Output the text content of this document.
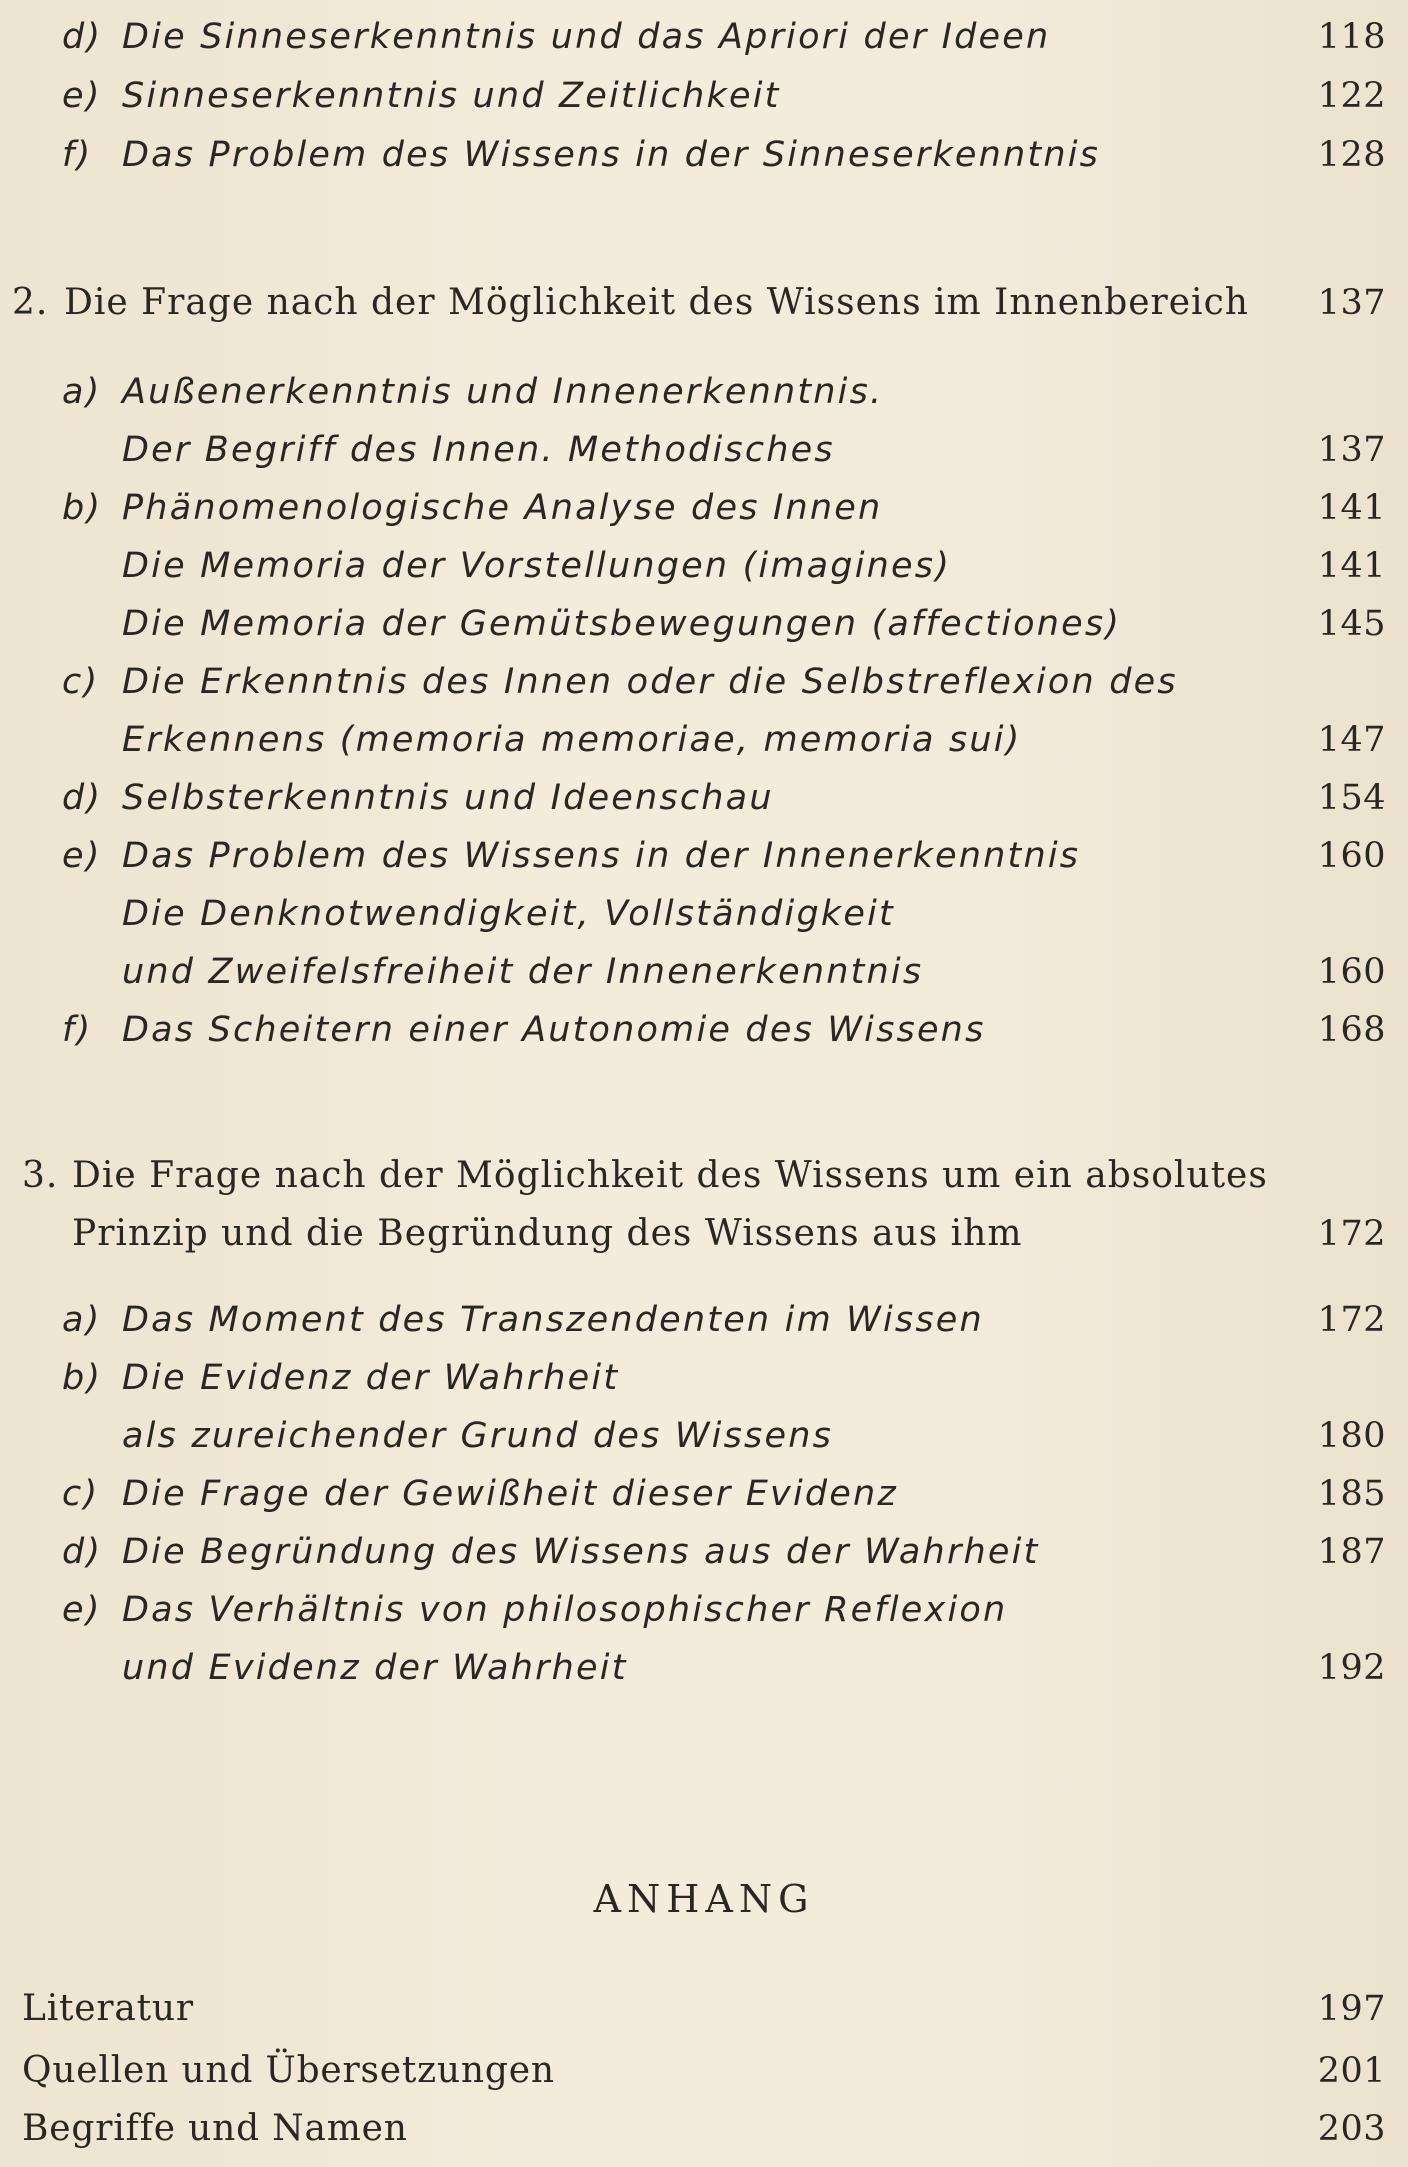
d) Die Sinneserkenntnis und das Apriori der Ideen	118
e) Sinneserkenntnis und Zeitlichkeit	122
f) Das Problem des Wissens in der Sinneserkenntnis	128
2. Die Frage nach der Möglichkeit des Wissens im Innenbereich 137
a) Außenerkenntnis und Innenerkenntnis.
Der Begriff des Innen. Methodisches	137
b) Phänomenologische Analyse des Innen	141
Die Memoria der Vorstellungen (imagines)	141
Die Memoria der Gemütsbewegungen (affectiones)	145
c) Die Erkenntnis des Innen oder die Selbstreflexion des
Erkennens (memoria memoriae, memoria sui)	147
d) Selbsterkenntnis und Ideenschau	154
e) Das Problem des Wissens in der Innenerkenntnis	160
Die Denknotwendigkeit, Vollständigkeit
und Zweifelsfreiheit der Innenerkenntnis	160
f) Das Scheitern einer Autonomie des Wissens	168
3. Die Frage nach der Möglichkeit des Wissens um ein absolutes
Prinzip und die Begründung des Wissens aus ihm	172
a) Das Moment des Transzendenten im Wissen	172
b) Die Evidenz der Wahrheit
als zureichender Grund des Wissens	180
c) Die Frage der Gewißheit dieser Evidenz	185
d) Die Begründung des Wissens aus der Wahrheit	187
e) Das Verhältnis von philosophischer Reflexion
und Evidenz der Wahrheit	192
ANHANG
Literatur	197
Quellen und Übersetzungen	201
Begriffe und Namen	203
